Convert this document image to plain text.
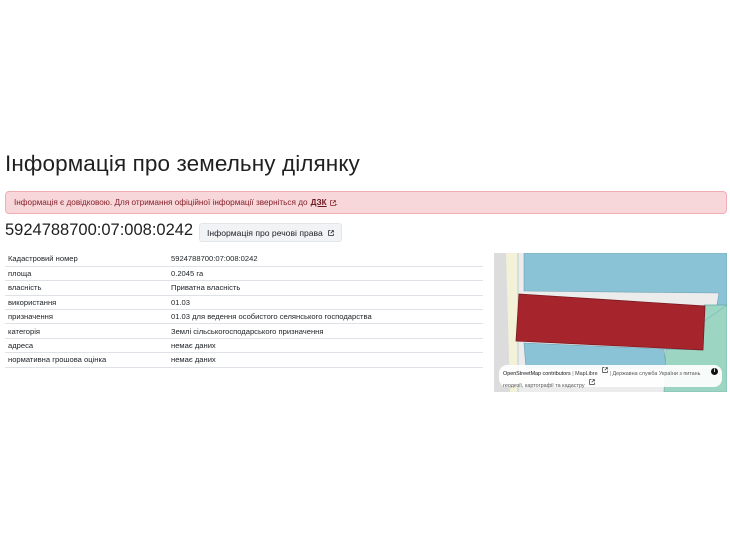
Інформація про земельну ділянку
Інформація є довідковою. Для отримання офіційної інформації зверніться до ДЗК .
5924788700:07:008:0242 Інформація про речові права
Кадастровий номер	5924788700:07:008:0242
площа	0.2045 га
власність	Приватна власність
використання	01.03
призначення	01.03 для ведення особистого селянського господарства
категорія	Землі сільськогосподарського призначення
адреса	немає даних
нормативна грошова оцінка	немає даних
OpenStreetMap contributors | MapLibre | Державна служба України з питань геодезії, картографії та кадастру
i
